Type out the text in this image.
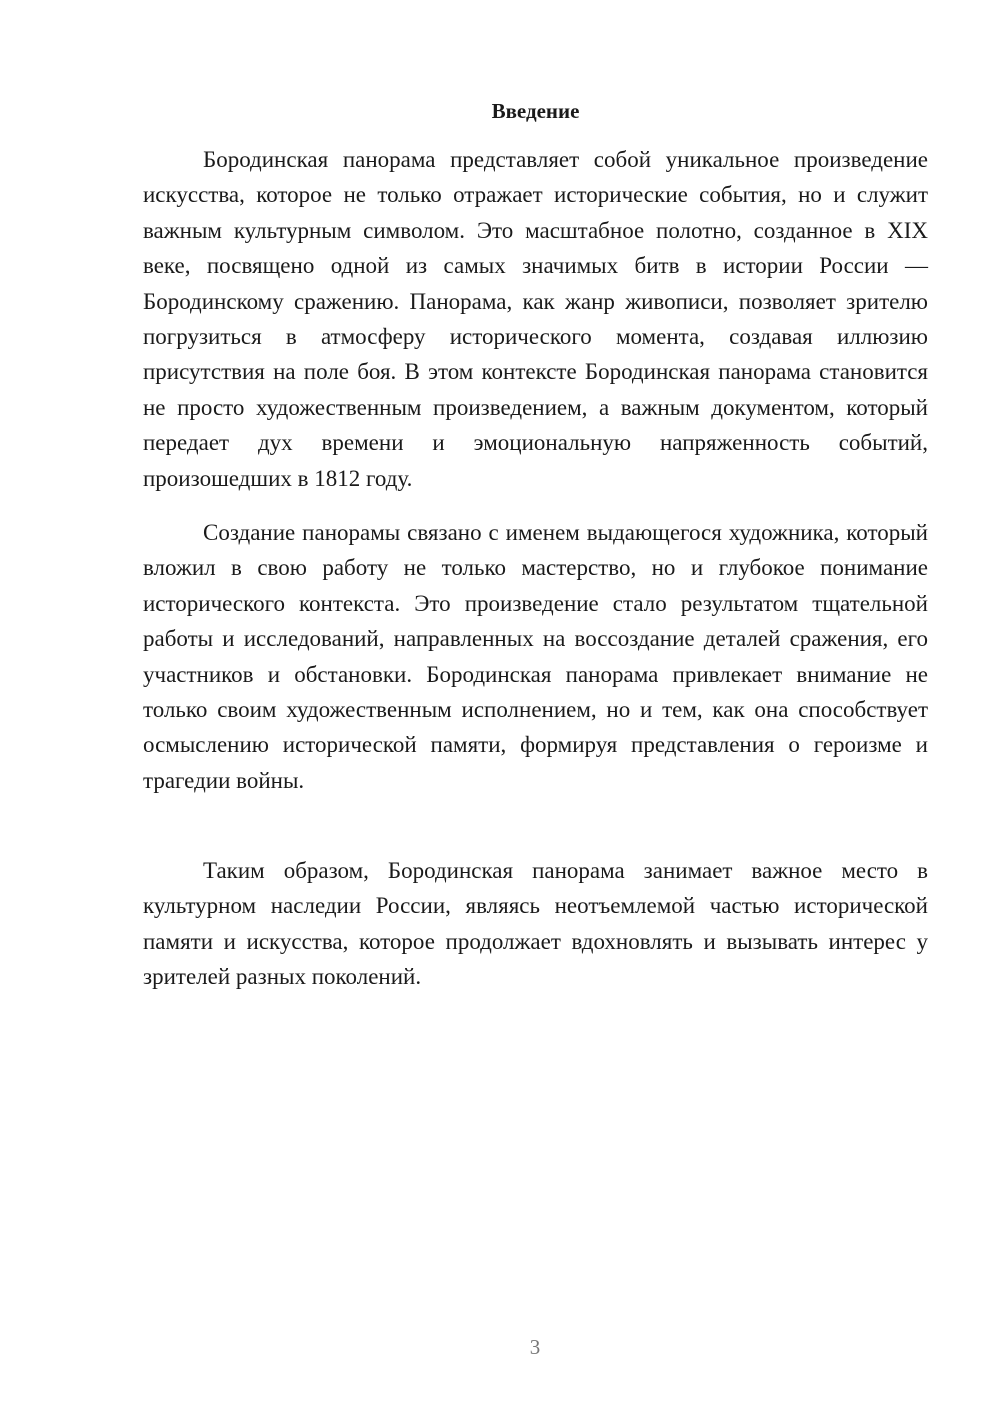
Введение

Бородинская панорама представляет собой уникальное произведение искусства, которое не только отражает исторические события, но и служит важным культурным символом. Это масштабное полотно, созданное в XIX веке, посвящено одной из самых значимых битв в истории России — Бородинскому сражению. Панорама, как жанр живописи, позволяет зрителю погрузиться в атмосферу исторического момента, создавая иллюзию присутствия на поле боя. В этом контексте Бородинская панорама становится не просто художественным произведением, а важным документом, который передает дух времени и эмоциональную напряженность событий, произошедших в 1812 году.

Создание панорамы связано с именем выдающегося художника, который вложил в свою работу не только мастерство, но и глубокое понимание исторического контекста. Это произведение стало результатом тщательной работы и исследований, направленных на воссоздание деталей сражения, его участников и обстановки. Бородинская панорама привлекает внимание не только своим художественным исполнением, но и тем, как она способствует осмыслению исторической памяти, формируя представления о героизме и трагедии войны.

Таким образом, Бородинская панорама занимает важное место в культурном наследии России, являясь неотъемлемой частью исторической памяти и искусства, которое продолжает вдохновлять и вызывать интерес у зрителей разных поколений.

3
